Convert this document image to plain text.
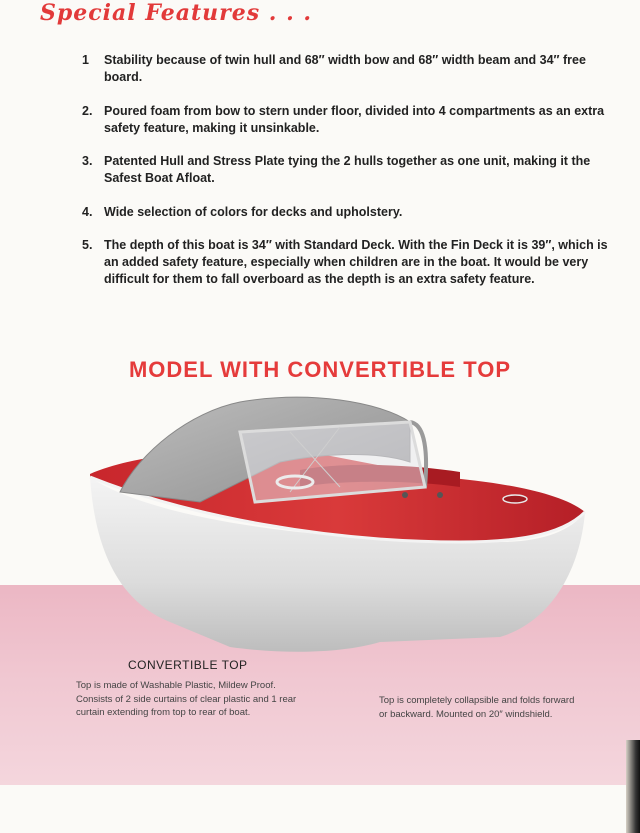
Special Features . . .
1 Stability because of twin hull and 68″ width bow and 68″ width beam and 34″ free board.
2. Poured foam from bow to stern under floor, divided into 4 compartments as an extra safety feature, making it unsinkable.
3. Patented Hull and Stress Plate tying the 2 hulls together as one unit, making it the Safest Boat Afloat.
4. Wide selection of colors for decks and upholstery.
5. The depth of this boat is 34″ with Standard Deck. With the Fin Deck it is 39″, which is an added safety feature, especially when children are in the boat. It would be very difficult for them to fall overboard as the depth is an extra safety feature.
MODEL WITH CONVERTIBLE TOP
CONVERTIBLE TOP
Top is made of Washable Plastic, Mildew Proof. Consists of 2 side curtains of clear plastic and 1 rear curtain extending from top to rear of boat.
Top is completely collapsible and folds forward or backward. Mounted on 20″ windshield.
